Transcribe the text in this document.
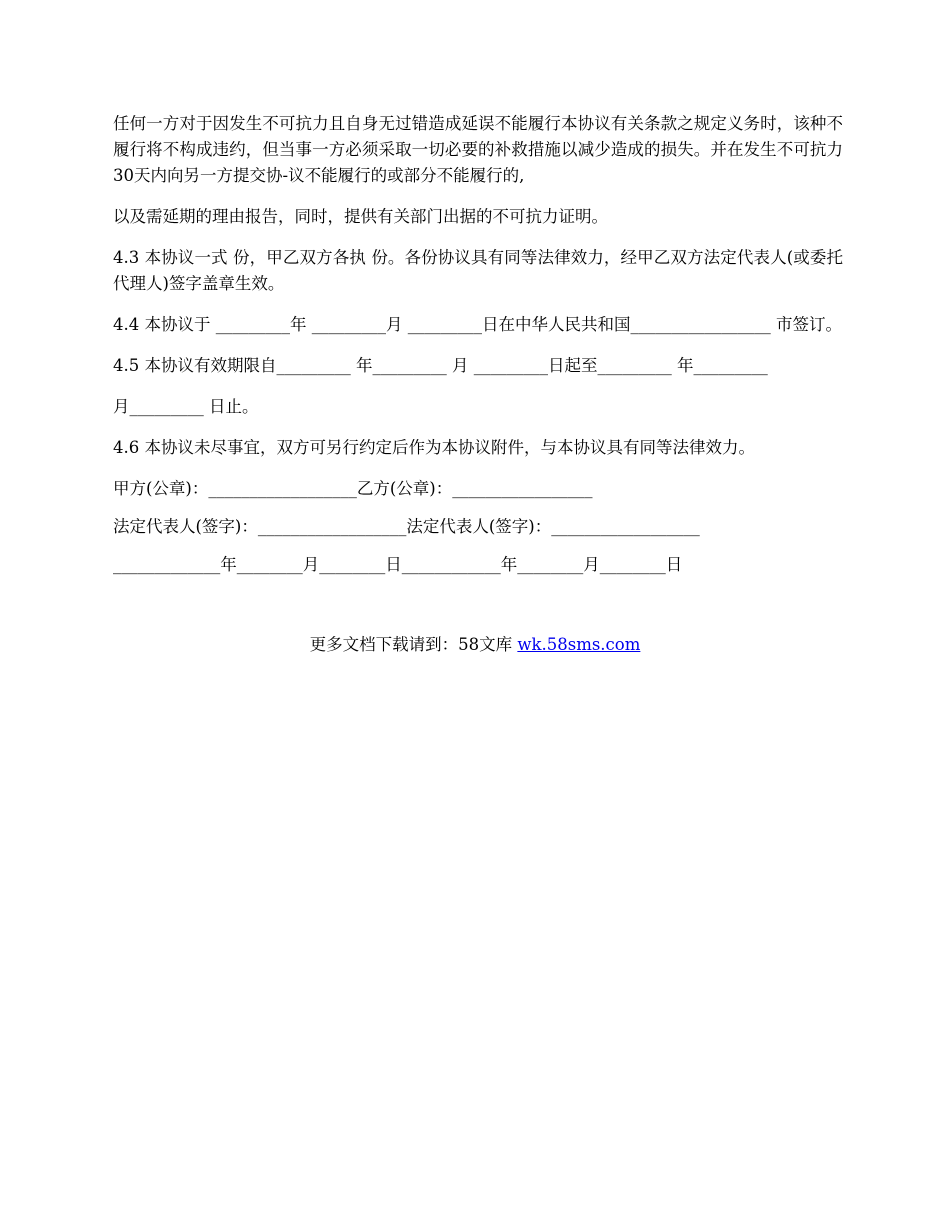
任何一方对于因发生不可抗力且自身无过错造成延误不能履行本协议有关条款之规定义务时，该种不履行将不构成违约，但当事一方必须采取一切必要的补救措施以减少造成的损失。并在发生不可抗力30天内向另一方提交协-议不能履行的或部分不能履行的,

以及需延期的理由报告，同时，提供有关部门出据的不可抗力证明。

4.3 本协议一式 份，甲乙双方各执 份。各份协议具有同等法律效力，经甲乙双方法定代表人(或委托代理人)签字盖章生效。

4.4 本协议于 _________年 _________月 _________日在中华人民共和国_________________ 市签订。

4.5 本协议有效期限自_________ 年_________ 月 _________日起至_________ 年_________

月_________ 日止。

4.6 本协议未尽事宜，双方可另行约定后作为本协议附件，与本协议具有同等法律效力。

甲方(公章)：__________________乙方(公章)：_________________

法定代表人(签字)：__________________法定代表人(签字)：__________________

_____________年________月________日____________年________月________日

更多文档下载请到：58文库 wk.58sms.com
